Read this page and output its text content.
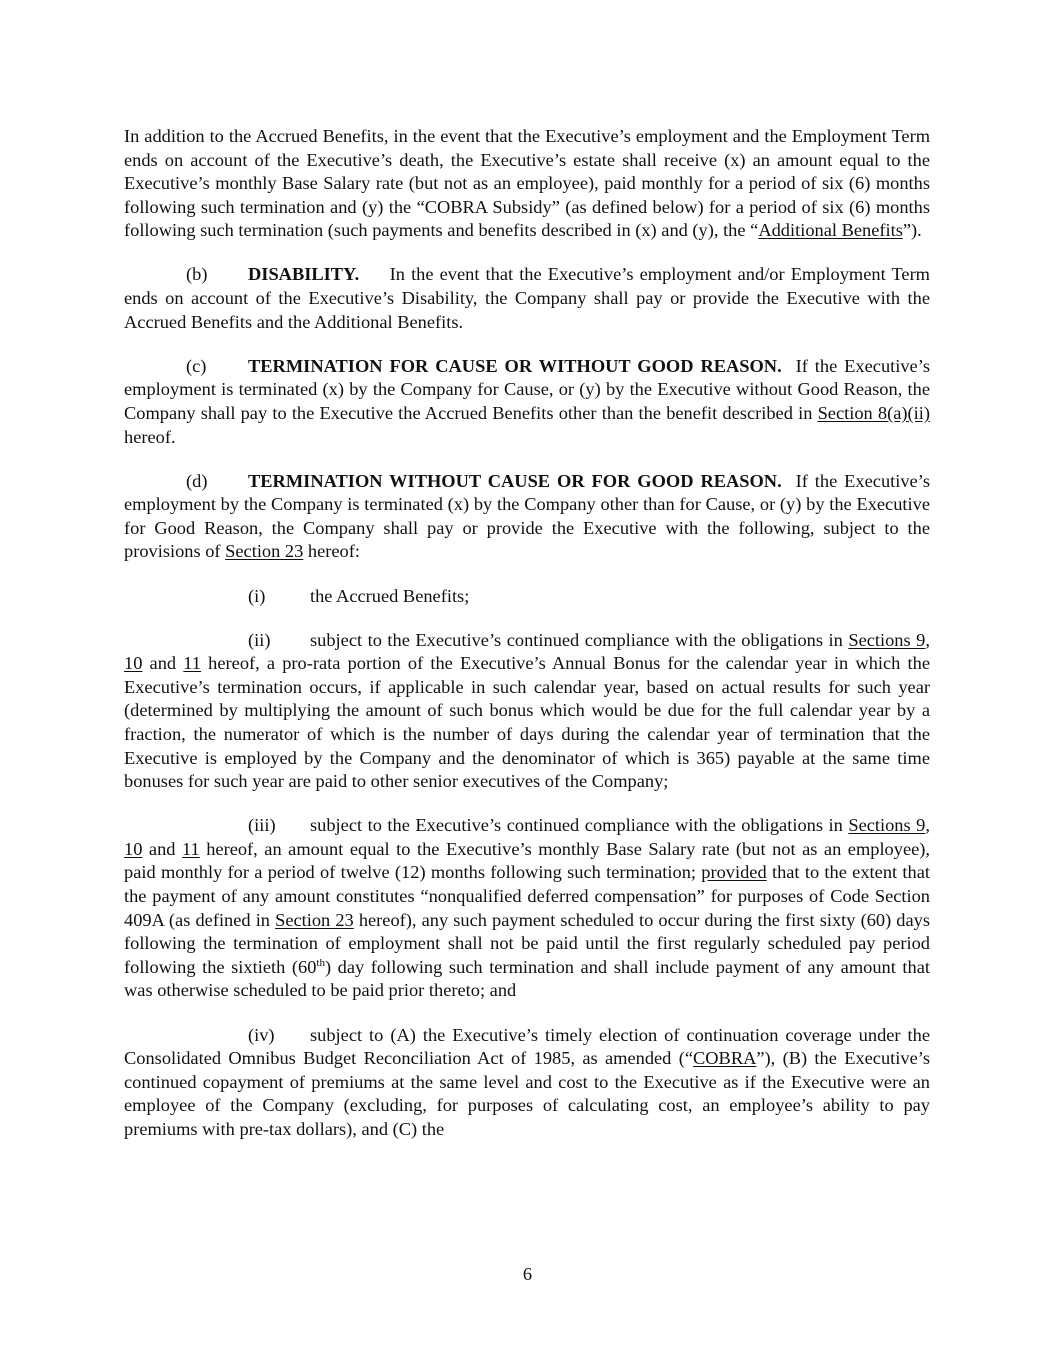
In addition to the Accrued Benefits, in the event that the Executive’s employment and the Employment Term ends on account of the Executive’s death, the Executive’s estate shall receive (x) an amount equal to the Executive’s monthly Base Salary rate (but not as an employee), paid monthly for a period of six (6) months following such termination and (y) the “COBRA Subsidy” (as defined below) for a period of six (6) months following such termination (such payments and benefits described in (x) and (y), the “Additional Benefits”).

(b) DISABILITY. In the event that the Executive’s employment and/or Employment Term ends on account of the Executive’s Disability, the Company shall pay or provide the Executive with the Accrued Benefits and the Additional Benefits.

(c) TERMINATION FOR CAUSE OR WITHOUT GOOD REASON. If the Executive’s employment is terminated (x) by the Company for Cause, or (y) by the Executive without Good Reason, the Company shall pay to the Executive the Accrued Benefits other than the benefit described in Section 8(a)(ii) hereof.

(d) TERMINATION WITHOUT CAUSE OR FOR GOOD REASON. If the Executive’s employment by the Company is terminated (x) by the Company other than for Cause, or (y) by the Executive for Good Reason, the Company shall pay or provide the Executive with the following, subject to the provisions of Section 23 hereof:

(i) the Accrued Benefits;

(ii) subject to the Executive’s continued compliance with the obligations in Sections 9, 10 and 11 hereof, a pro-rata portion of the Executive’s Annual Bonus for the calendar year in which the Executive’s termination occurs, if applicable in such calendar year, based on actual results for such year (determined by multiplying the amount of such bonus which would be due for the full calendar year by a fraction, the numerator of which is the number of days during the calendar year of termination that the Executive is employed by the Company and the denominator of which is 365) payable at the same time bonuses for such year are paid to other senior executives of the Company;

(iii) subject to the Executive’s continued compliance with the obligations in Sections 9, 10 and 11 hereof, an amount equal to the Executive’s monthly Base Salary rate (but not as an employee), paid monthly for a period of twelve (12) months following such termination; provided that to the extent that the payment of any amount constitutes “nonqualified deferred compensation” for purposes of Code Section 409A (as defined in Section 23 hereof), any such payment scheduled to occur during the first sixty (60) days following the termination of employment shall not be paid until the first regularly scheduled pay period following the sixtieth (60th) day following such termination and shall include payment of any amount that was otherwise scheduled to be paid prior thereto; and

(iv) subject to (A) the Executive’s timely election of continuation coverage under the Consolidated Omnibus Budget Reconciliation Act of 1985, as amended (“COBRA”), (B) the Executive’s continued copayment of premiums at the same level and cost to the Executive as if the Executive were an employee of the Company (excluding, for purposes of calculating cost, an employee’s ability to pay premiums with pre-tax dollars), and (C) the

6
